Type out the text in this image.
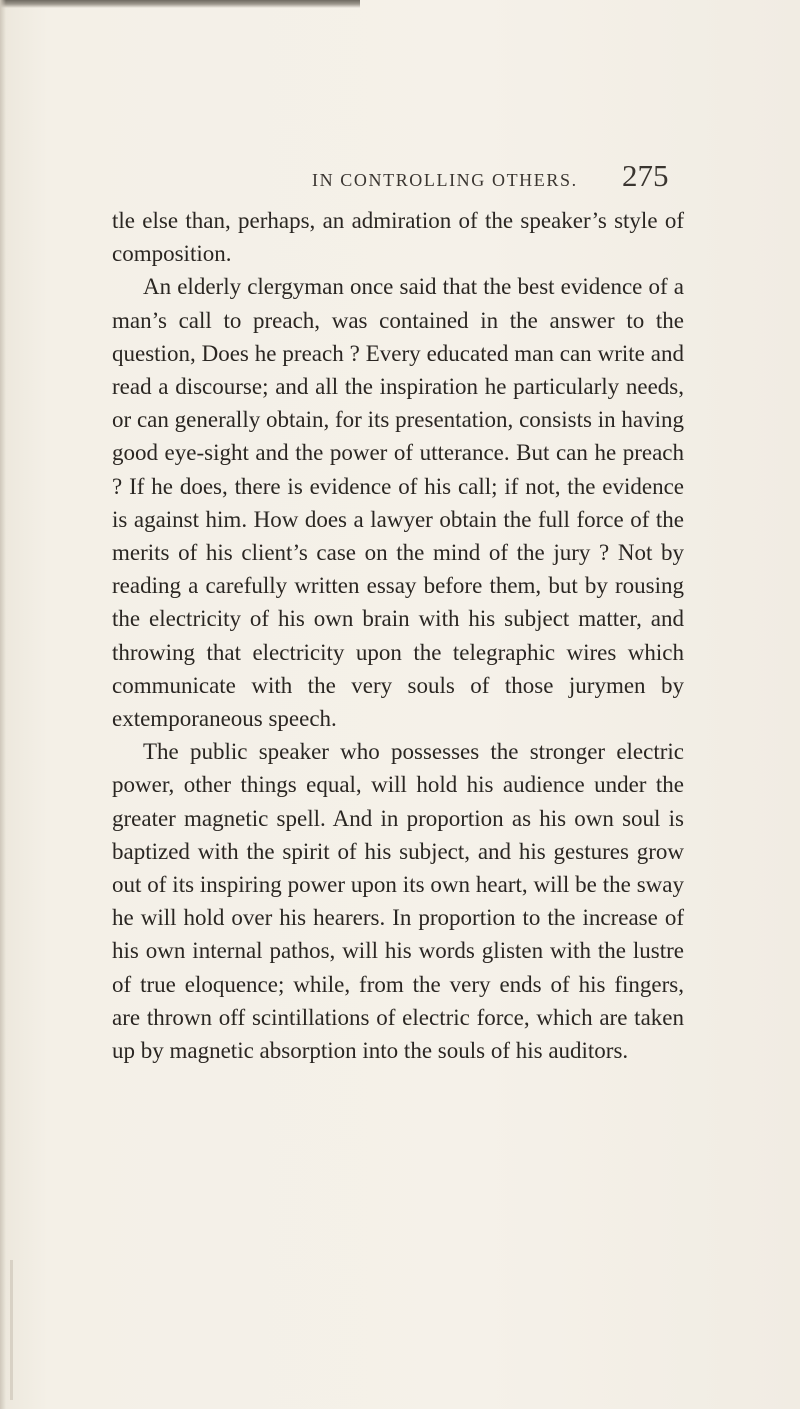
IN CONTROLLING OTHERS. 275

tle else than, perhaps, an admiration of the speaker’s style of composition.

An elderly clergyman once said that the best evidence of a man’s call to preach, was contained in the answer to the question, Does he preach ? Every educated man can write and read a discourse; and all the inspiration he particularly needs, or can generally obtain, for its presentation, consists in having good eye-sight and the power of utterance. But can he preach ? If he does, there is evidence of his call; if not, the evidence is against him. How does a lawyer obtain the full force of the merits of his client’s case on the mind of the jury ? Not by reading a carefully written essay before them, but by rousing the electricity of his own brain with his subject matter, and throwing that electricity upon the telegraphic wires which communicate with the very souls of those jurymen by extemporaneous speech.

The public speaker who possesses the stronger electric power, other things equal, will hold his audience under the greater magnetic spell. And in proportion as his own soul is baptized with the spirit of his subject, and his gestures grow out of its inspiring power upon its own heart, will be the sway he will hold over his hearers. In proportion to the increase of his own internal pathos, will his words glisten with the lustre of true eloquence; while, from the very ends of his fingers, are thrown off scintillations of electric force, which are taken up by magnetic absorption into the souls of his auditors.
